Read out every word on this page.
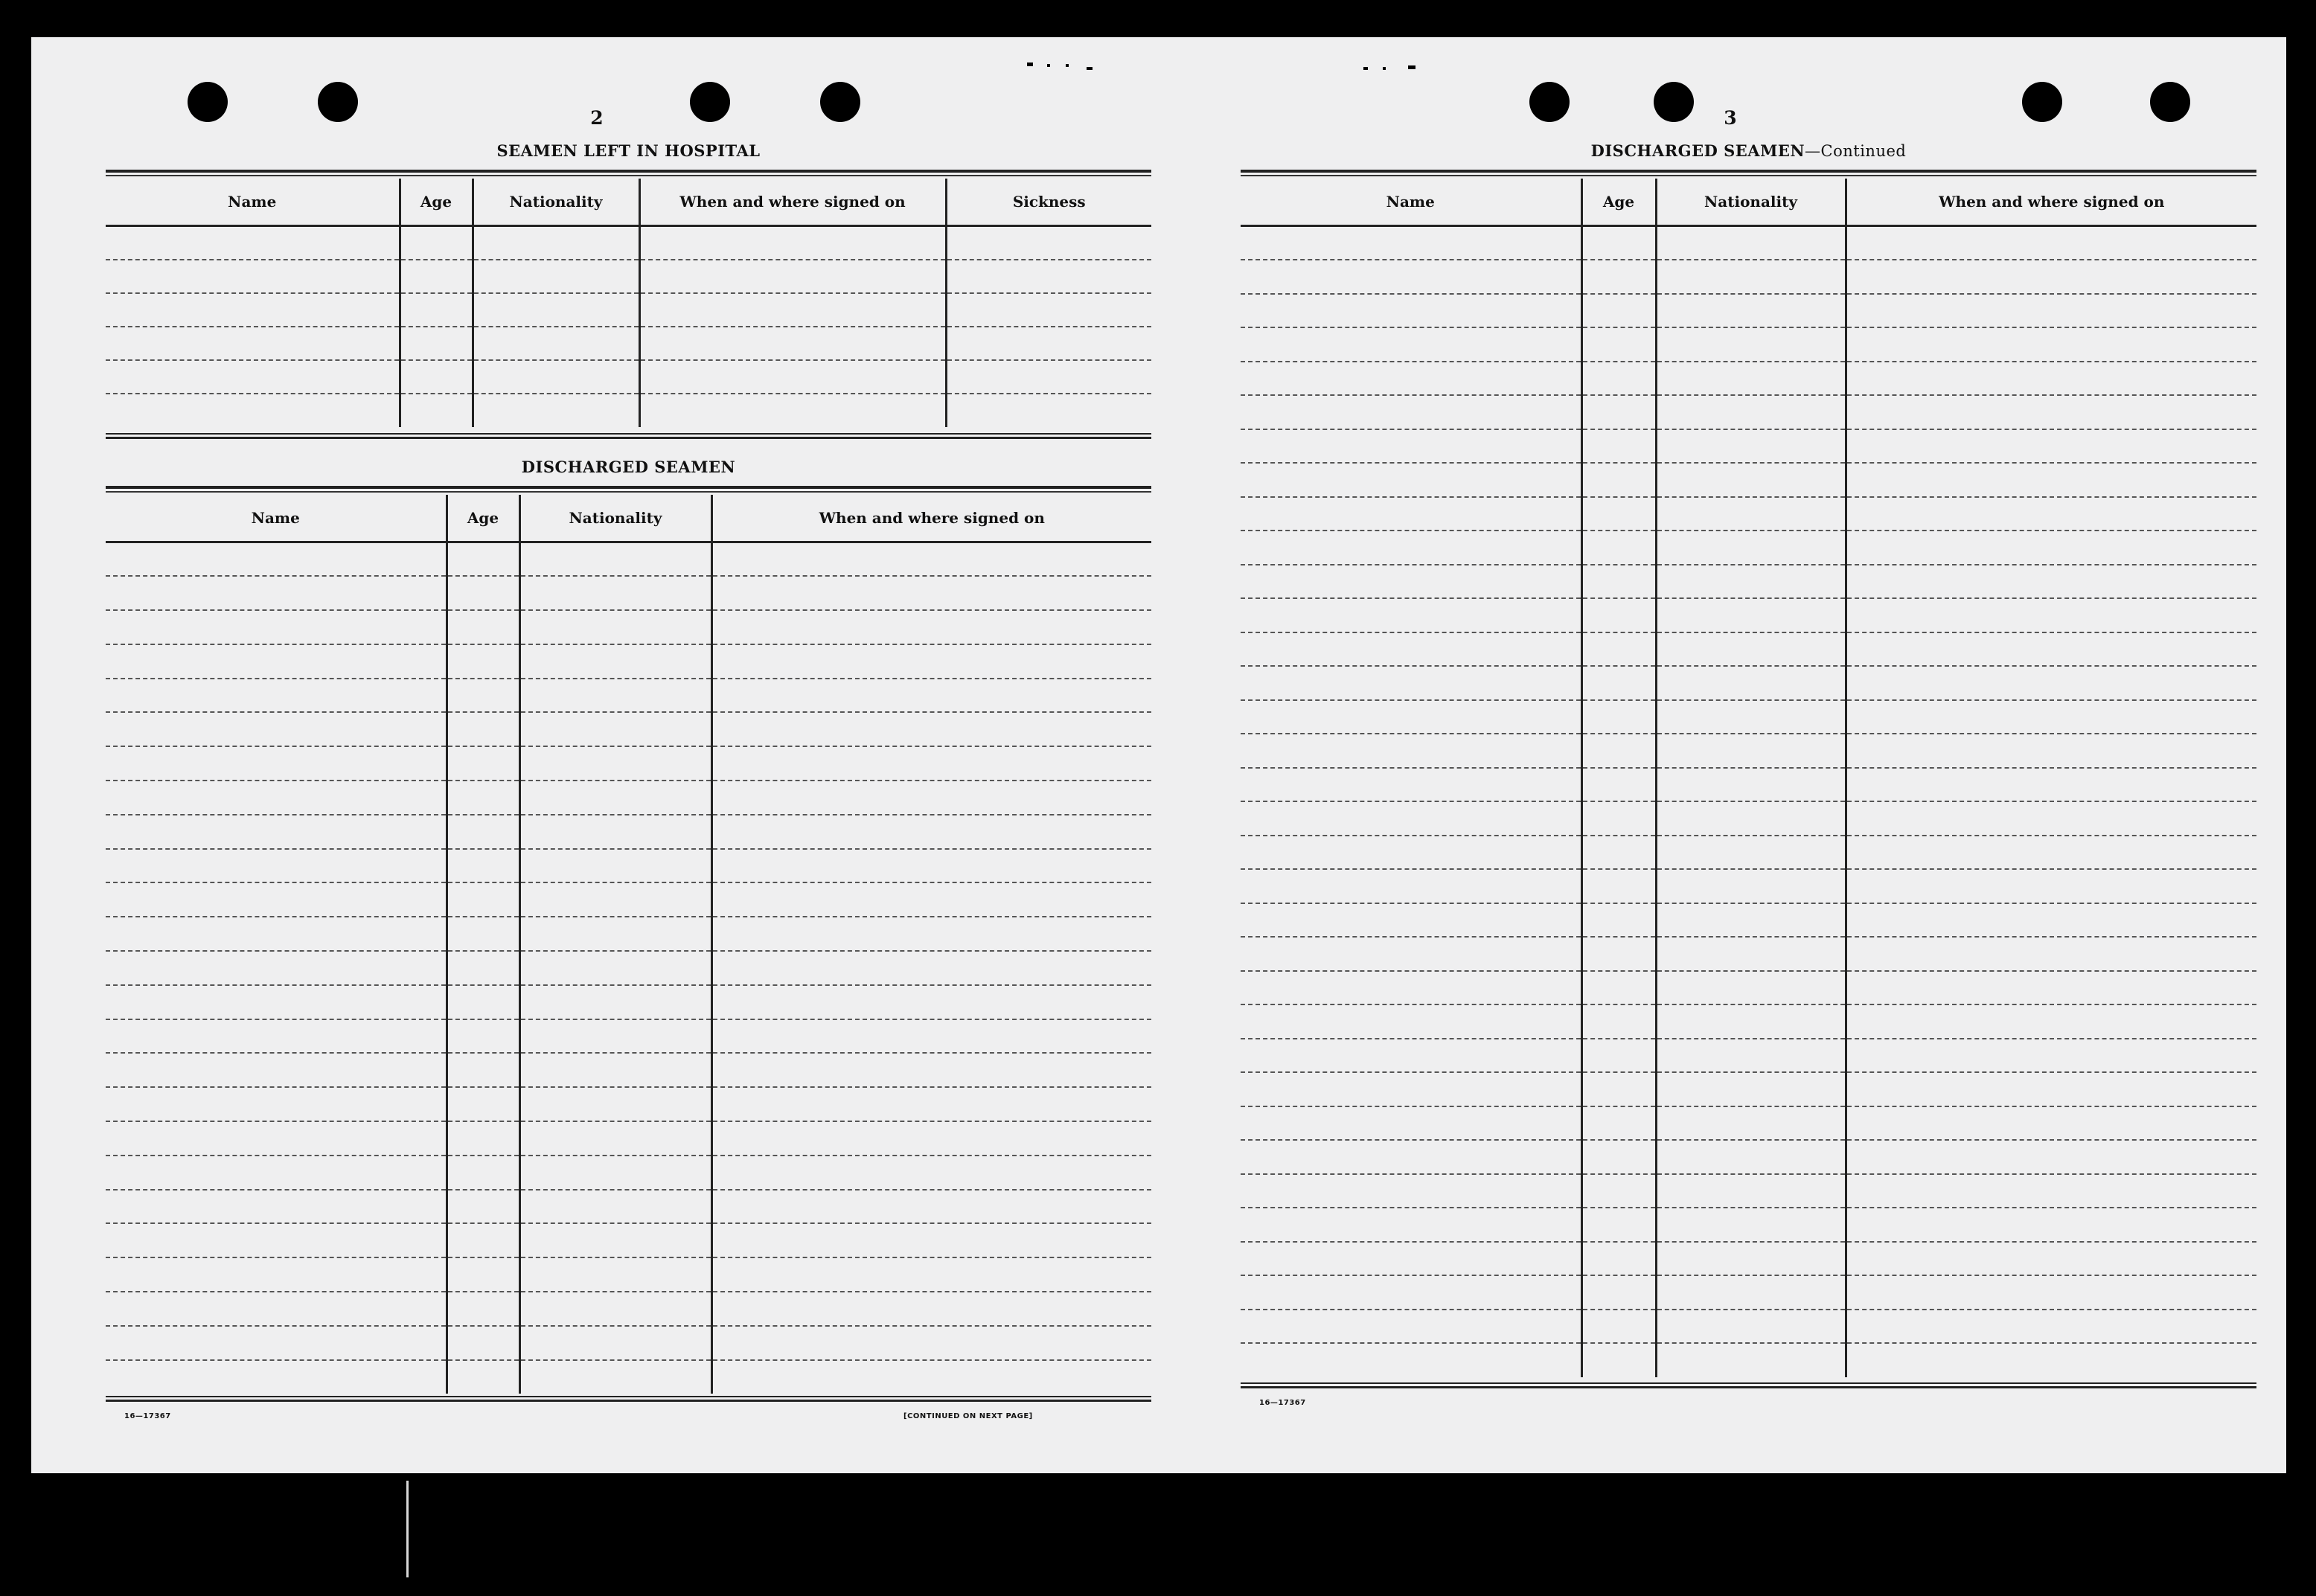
2
SEAMEN LEFT IN HOSPITAL
Name	Age	Nationality	When and where signed on	Sickness

DISCHARGED SEAMEN
Name	Age	Nationality	When and where signed on

16—17367	[CONTINUED ON NEXT PAGE]
3
DISCHARGED SEAMEN—Continued
Name	Age	Nationality	When and where signed on

16—17367
